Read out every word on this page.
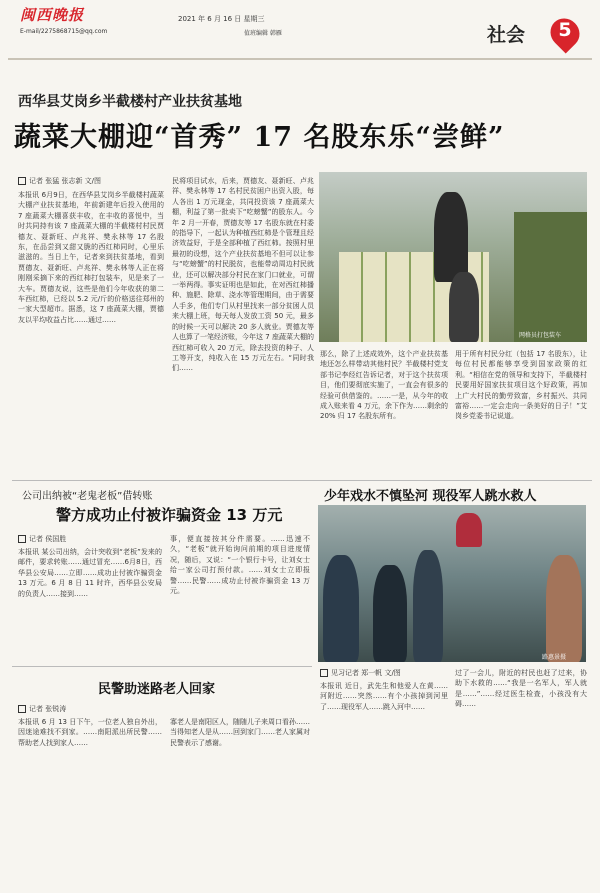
闽西晚报
E-mail/2275868715@qq.com
2021 年 6 月 16 日 星期三
值班编辑 韩雁	社会 5
西华县艾岗乡半截楼村产业扶贫基地
蔬菜大棚迎“首秀” 17 名股东乐“尝鲜”
记者 张猛 张志新 文/图
本报讯 6月9日，在西华县艾岗乡半截楼村蔬菜大棚产业扶贫基地，年前新建年后投入使用的 7 座蔬菜大棚喜获丰收，在丰收的喜悦中，当时共同持有该 7 座蔬菜大棚的半截楼村村民贾德友、聂新旺、卢兆祥、樊永林等 17 名股东，在品尝到又甜又脆的西红柿同时，心里乐滋滋的。当日上午，记者来到扶贫基地，看到贾德友、聂新旺、卢兆祥、樊永林等人正在将刚刚采摘下来的西红柿打包装车，见是来了一大车。贾德友说，这些是他们今年收获的第二车西红柿，已经以 5.2 元/斤的价格送往郑州的一家大型超市。据悉，这 7 座蔬菜大棚，贾德友以平均收益占比……通过……
民将项目试水，后来，贾德友、聂新旺、卢兆祥、樊永林等 17 名村民贫困户出资入股，每人各出 1 万元现金，共同投资该 7 座蔬菜大棚，利益了第一批卖下“吃螃蟹”的股东人。今年 2 月一开春，贾德友等 17 名股东就在村委的指导下，一起认为种植西红柿是个管理且经济效益好，于是全部种植了西红柿。按照村里最初的设想，这个产业扶贫基地不但可以让参与“吃螃蟹”的村民脱贫，也能带动周边村民就业，还可以解决部分村民在家门口就业，可谓一举两得。事实证明也是如此，在对西红柿播种、施肥、除草、浇水等管理期间，由于需要人手多，他们专门从村里找来一部分贫困人员来大棚上班，每天每人发放工资 50 元，最多的时候一天可以解决 20 多人就业。贾德友等人也算了一笔经济账，今年这 7 座蔬菜大棚的西红柿可收入 20 万元，除去投资的种子、人工等开支，纯收入在 15 万元左右。“同时我们……
网格员打包装车
那么，除了上述成效外，这个产业扶贫基地还怎么样带动其他村民？半截楼村党支部书记李经红告诉记者，对于这个扶贫项目，他们要彻底实施了，一直会有很多的经验可供借鉴的。……一是，从今年的收成入账来看 4 万元，余下作为……剩余的 20% 归 17 名股东所有。
用于所有村民分红（包括 17 名股东），让每位村民都能够享受到国家政策的红利。“相信在党的领导和支持下，半截楼村民要用好国家扶贫项目这个好政策，再加上广大村民的勤劳致富，乡村振兴、共同富裕……一定会走向一条美好的日子！”艾岗乡党委书记说道。
公司出纳被“老鬼老板”借转账
警方成功止付被诈骗资金 13 万元
记者 侯国胜
本报讯 某公司出纳，会计突收到“老板”发来的邮件，要求转账……通过冒充……6月8日，西华县公安局……立即……成功止付被诈骗资金 13 万元。6 月 8 日 11 时许，西华县公安局的负责人……接到……
事，便直接按其分件需要。……迅速不久，“老板”就开始询问前期的项目进度情况，随后，又说：“一个银行卡号，让刘女士给一家公司打预付款。……刘女士立即报警……民警……成功止付被诈骗资金 13 万元。
民警助迷路老人回家
记者 张锐涛
本报讯 6 月 13 日下午，一位老人独自外出，因迷途难找不到家。……南阳派出所民警……帮助老人找到家人……
寡老人是南阳区人，随随儿子来周口看孙……当得知老人是从……回到家门……老人家属对民警表示了感谢。
少年戏水不慎坠河 现役军人跳水救人
路惠景摄
见习记者 郑一帆 文/图
本报讯 近日，武先生和他爱人在黄……河附近……突然……有个小孩掉到河里了……现役军人……跳入河中……
过了一会儿，附近的村民也赶了过来，协助下水救的……“我是一名军人，军人就是……”……经过医生检查，小孩没有大碍……
